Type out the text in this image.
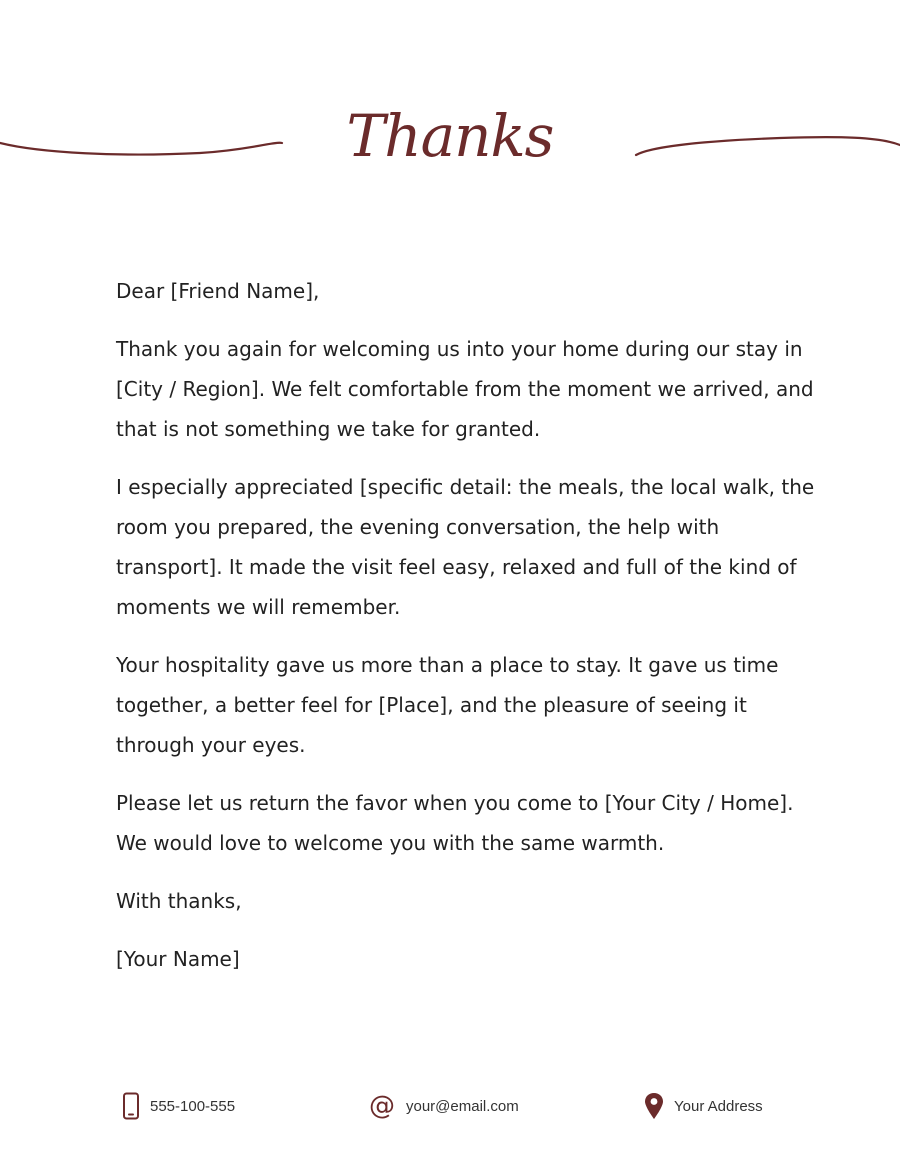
Thanks

Dear [Friend Name],

Thank you again for welcoming us into your home during our stay in [City / Region]. We felt comfortable from the moment we arrived, and that is not something we take for granted.

I especially appreciated [specific detail: the meals, the local walk, the room you prepared, the evening conversation, the help with transport]. It made the visit feel easy, relaxed and full of the kind of moments we will remember.

Your hospitality gave us more than a place to stay. It gave us time together, a better feel for [Place], and the pleasure of seeing it through your eyes.

Please let us return the favor when you come to [Your City / Home]. We would love to welcome you with the same warmth.

With thanks,

[Your Name]

555-100-555	@ your@email.com	Your Address
